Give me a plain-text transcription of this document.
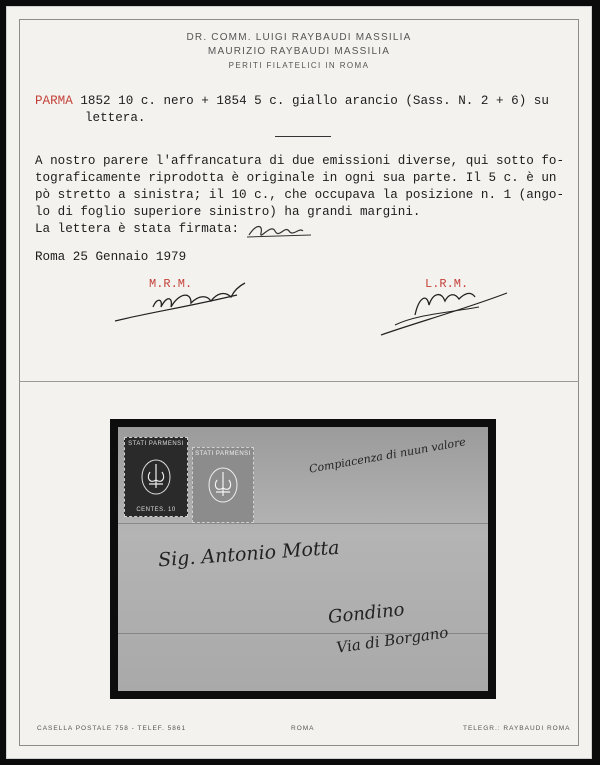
DR. COMM. LUIGI RAYBAUDI MASSILIA
MAURIZIO RAYBAUDI MASSILIA
PERITI FILATELICI IN ROMA
PARMA 1852 10 c. nero + 1854 5 c. giallo arancio (Sass. N. 2 + 6) su
lettera.
A nostro parere l'affrancatura di due emissioni diverse, qui sotto fo-
tograficamente riprodotta è originale in ogni sua parte. Il 5 c. è un
pò stretto a sinistra; il 10 c., che occupava la posizione n. 1 (ango-
lo di foglio superiore sinistro) ha grandi margini.
La lettera è stata firmata:
Roma 25 Gennaio 1979
M.R.M.	L.R.M.
STATI PARMENSI
CENTES. 10
STATI PARMENSI	Compiacenza di nuun valore
Sig. Antonio Motta
Gondino
Via di Borgano
CASELLA POSTALE 758 - TELEF. 5861	ROMA	TELEGR.: RAYBAUDI ROMA
